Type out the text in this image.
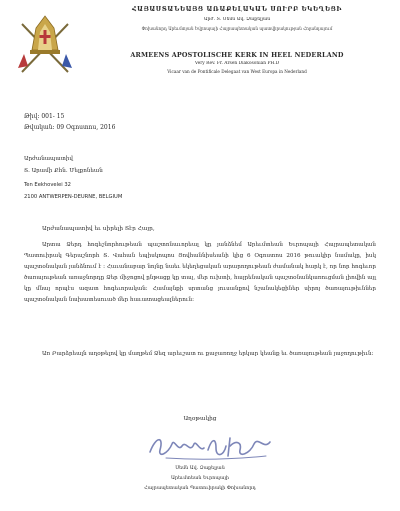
ՀԱՅԱՍՏԱՆԵԱՅՑ ԱՌԱՔԵԼԱԿԱՆ ՍՈՒՐԲ ԵԿԵՂԵՑԻ
Արժ. Տ. Սեմն Ավ. Ձաքելյան
Փոխանորդ Արեւմտյան Եվրոպայի Հայրապետական պատվիրակության Հոլանդայում
ARMEENS APOSTOLISCHE KERK IN HEEL NEDERLAND
Very Rev. Fr. Arsen Diakosonian PH.D
Vicaar van de Pontificale Delegaat van West Europa in Nederland
Թիվ: 001- 15
Թվական: 09 Օգոստոս, 2016
Արժանապատիվ
Տ. Արամի Քհն. Մելքոնեան
Ten Eekhovelei 32
2100 ANTWERPEN-DEURNE, BELGIUM
Արժանապատիվ եւ սիրելի Տէր Հայր,
Արտա Ձերդ հոգեշնորհութեան պաշտոնաւորեալ կը յանձնեմ Արեւմտեան Եւրոպայի Հայրապետական Պատուիրակ Գերաշնորհ Տ. Վահան եպիսկոպոս Յովհաննիսեանի կից 6 Օգոստոս 2016 թուակիր նամակը, իսկ պաշտօնական յանձնում է ։ Հաւանաբար նոյնը նաեւ եկեղեցական արարողութեան ժամանակ հարկ է, որ նոր հոգեւոր ծառայութեան առաջնորդը Ձեր միջոցով ընթացք կը տայ, մեր ուխտի, հայրենական պաշտօնանկառուցման լիովին այլ կը մնայ որպէս ազատ հոգեւորական։ Համայնքի սրտանց յուսանքով նշանակեցիներ սիրոյ ծառայութիւններ պաշտօնական նախատեսուած մեր հաւատացեալներուն։
Առ Բարձրեալն աղօթելով կը մաղթեմ Ձեզ արեւշատ ու քաջառողջ երկար կեանք եւ ծառայութեան յաջողութիւն։
Աղօթակից
Սեմն Ավ. Ձաքելյան
Արեւմտեան Եւրոպայի
Հայրապետական Պատուիրակի Փոխանորդ
